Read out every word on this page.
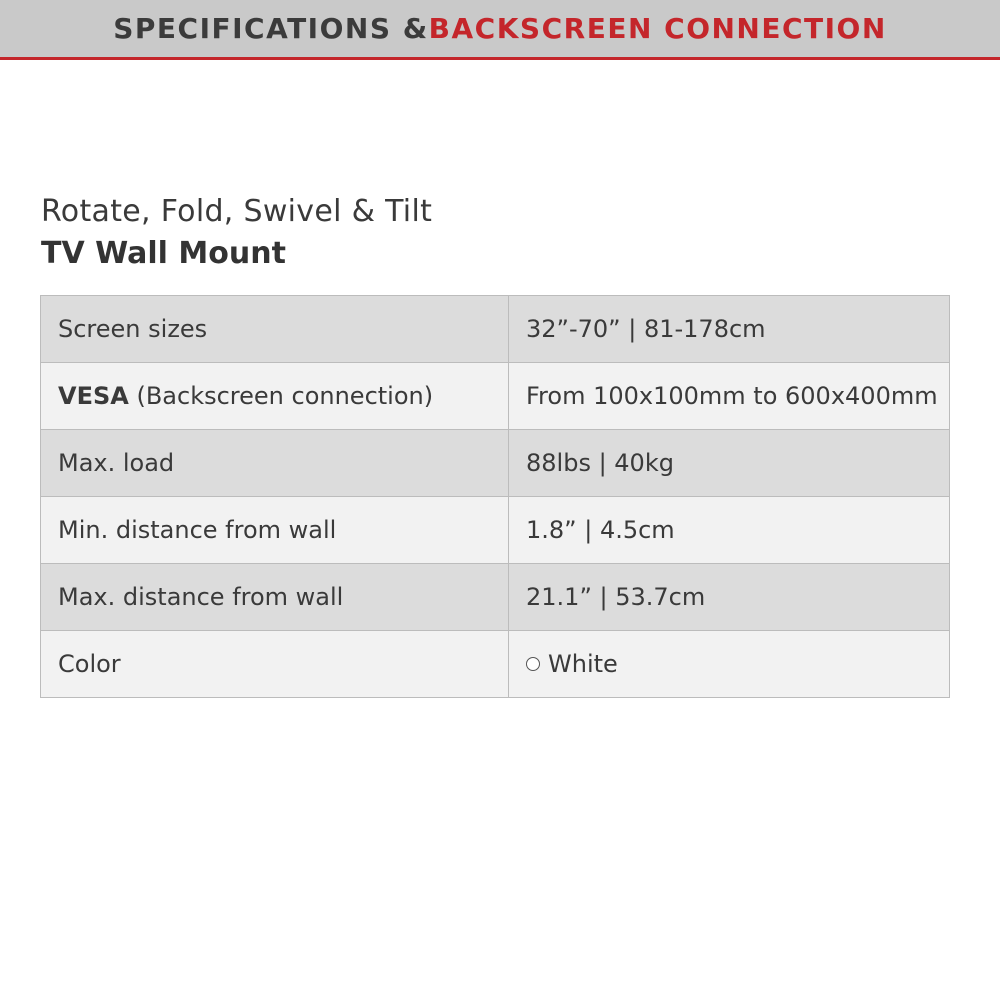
SPECIFICATIONS & BACKSCREEN CONNECTION
Rotate, Fold, Swivel & Tilt
TV Wall Mount
Screen sizes	32”-70” | 81-178cm
VESA (Backscreen connection)	From 100x100mm to 600x400mm
Max. load	88lbs | 40kg
Min. distance from wall	1.8” | 4.5cm
Max. distance from wall	21.1” | 53.7cm
Color	White
